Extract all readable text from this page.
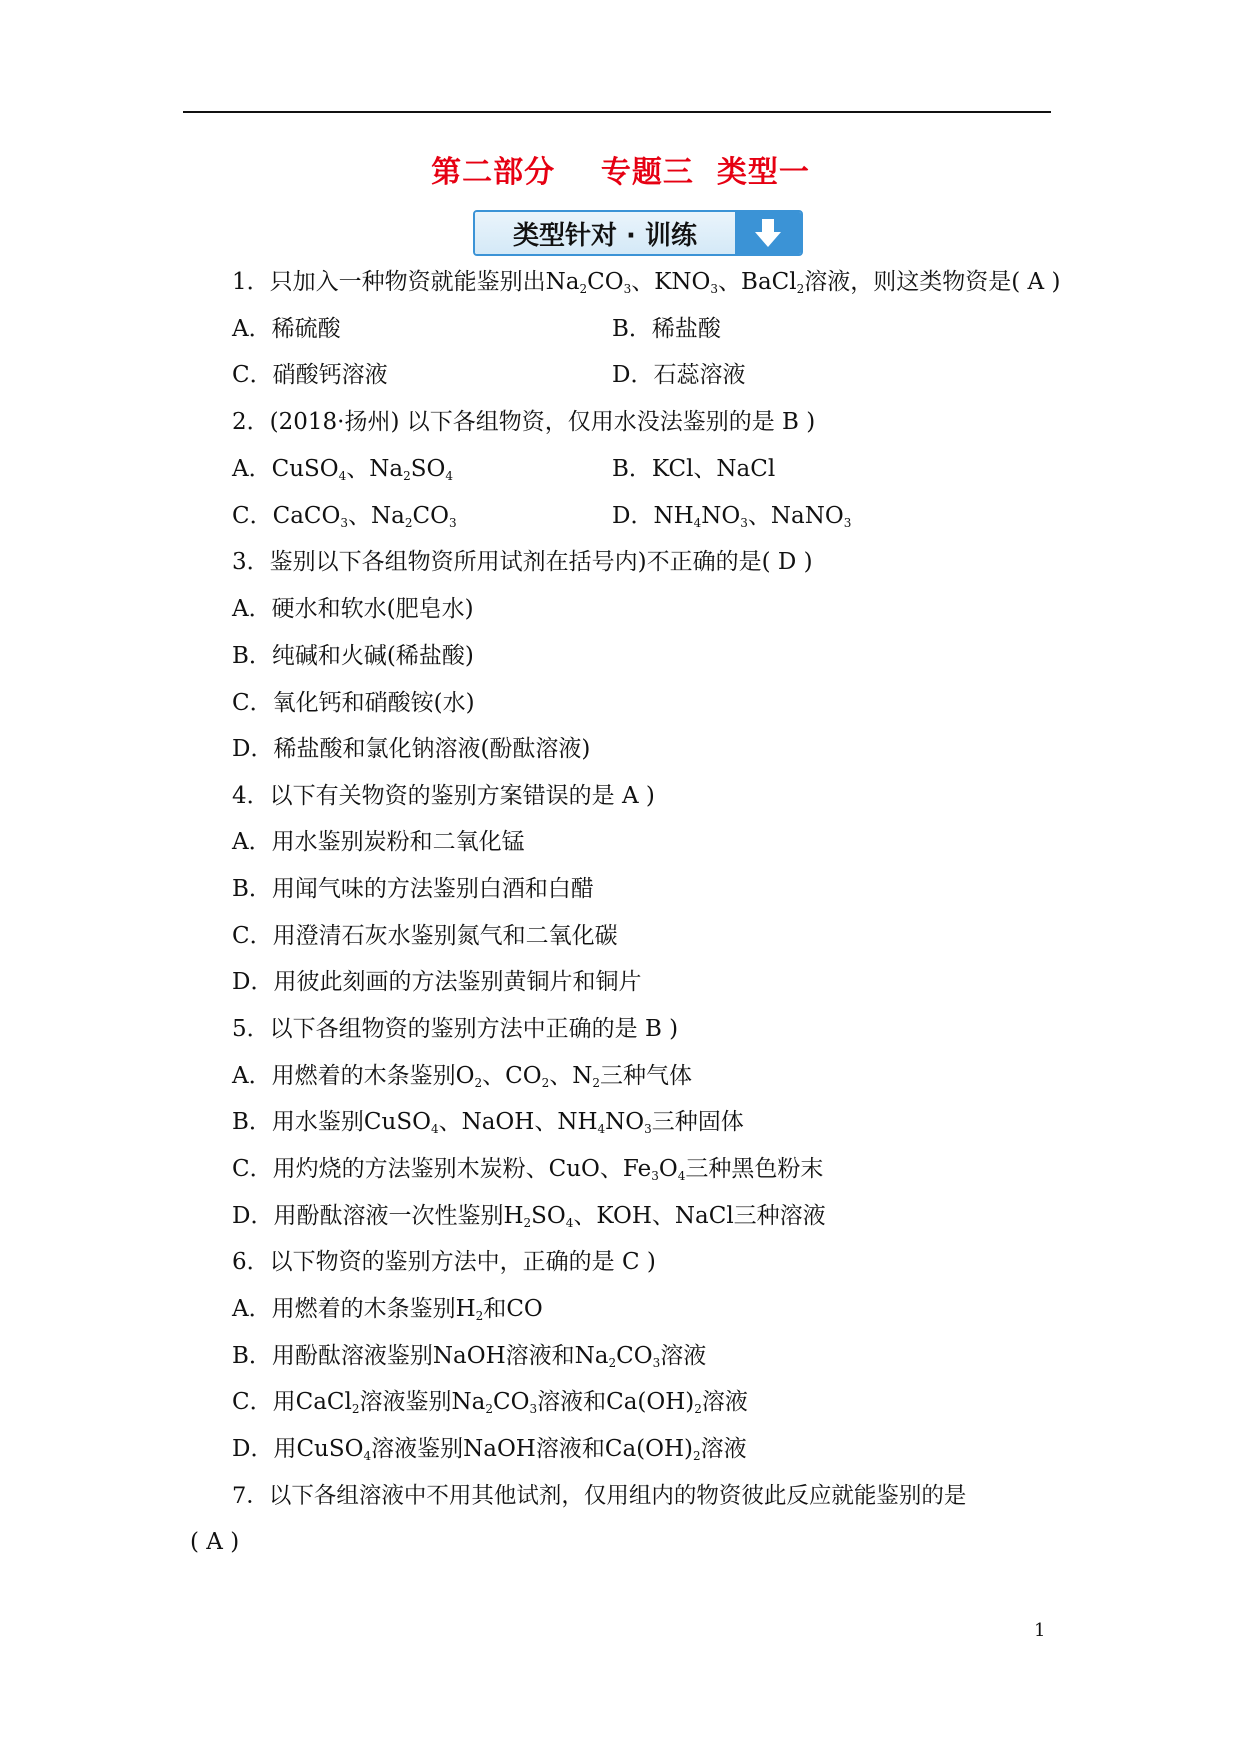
第二部分    专题三  类型一
类型针对 · 训练
1．只加入一种物资就能鉴别出$Na_2CO_3$、$KNO_3$、BaCl$_2$溶液，则这类物资是( A )
A．稀硫酸	B．稀盐酸
C．硝酸钙溶液	D．石蕊溶液
2．(2018·扬州) 以下各组物资，仅用水没法鉴别的是 B )
A．CuSO$_4$、$Na_2SO_4$	B．KCl、NaCl
C．CaCO$_3$、$Na_2CO_3$	D．$NH_4NO_3$、NaNO$_3$
3．鉴别以下各组物资所用试剂在括号内)不正确的是( D )
A．硬水和软水(肥皂水)
B．纯碱和火碱(稀盐酸)
C．氧化钙和硝酸铵(水)
D．稀盐酸和氯化钠溶液(酚酞溶液)
4．以下有关物资的鉴别方案错误的是 A )
A．用水鉴别炭粉和二氧化锰
B．用闻气味的方法鉴别白酒和白醋
C．用澄清石灰水鉴别氮气和二氧化碳
D．用彼此刻画的方法鉴别黄铜片和铜片
5．以下各组物资的鉴别方法中正确的是 B )
A．用燃着的木条鉴别$O_2$、$CO_2$、$N_2$三种气体
B．用水鉴别CuSO$_4$、NaOH、$NH_4NO_3$三种固体
C．用灼烧的方法鉴别木炭粉、CuO、$Fe_3O_4$三种黑色粉末
D．用酚酞溶液一次性鉴别$H_2SO_4$、KOH、NaCl三种溶液
6．以下物资的鉴别方法中，正确的是 C )
A．用燃着的木条鉴别$H_2$和CO
B．用酚酞溶液鉴别NaOH溶液和$Na_2CO_3$溶液
C．用CaCl$_2$溶液鉴别$Na_2CO_3$溶液和$Ca(OH)_2$溶液
D．用CuSO$_4$溶液鉴别NaOH溶液和$Ca(OH)_2$溶液
7．以下各组溶液中不用其他试剂，仅用组内的物资彼此反应就能鉴别的是
( A )
1
